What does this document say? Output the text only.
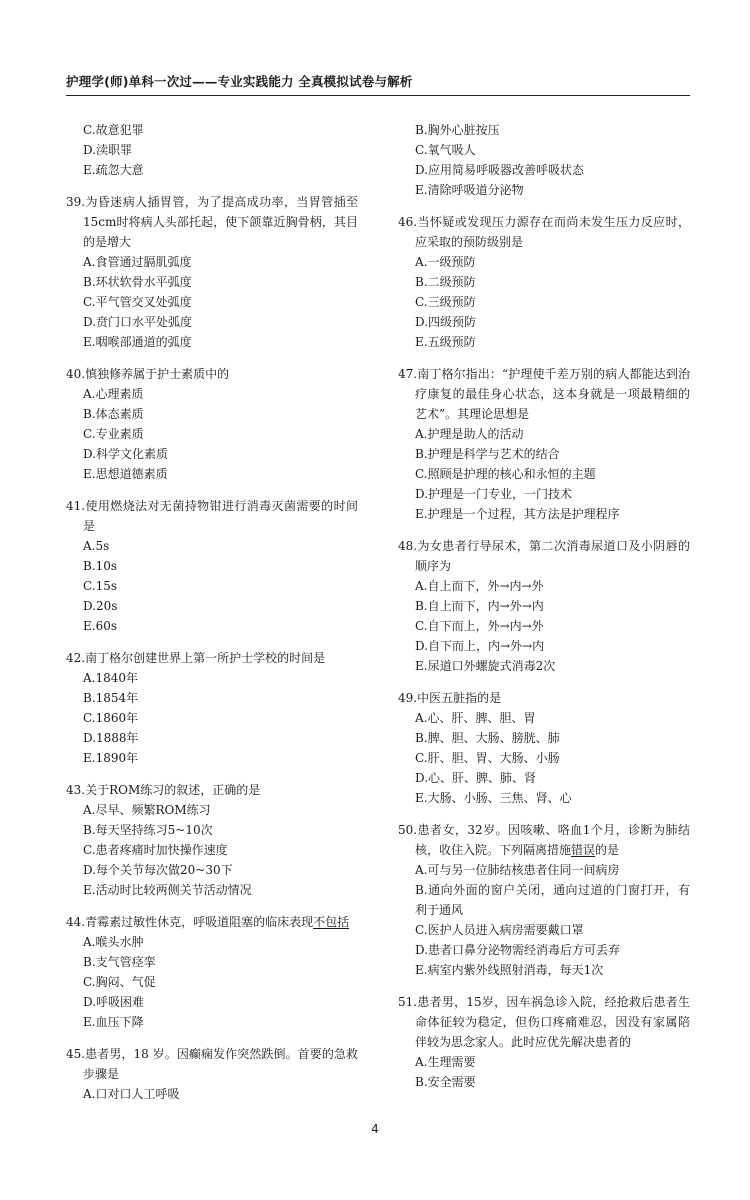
护理学(师)单科一次过——专业实践能力 全真模拟试卷与解析
C.故意犯罪
D.渎职罪
E.疏忽大意
39.为昏迷病人插胃管，为了提高成功率，当胃管插至15cm时将病人头部托起，使下颌靠近胸骨柄，其目的是增大
A.食管通过膈肌弧度
B.环状软骨水平弧度
C.平气管交叉处弧度
D.贲门口水平处弧度
E.咽喉部通道的弧度
40.慎独修养属于护士素质中的
A.心理素质
B.体态素质
C.专业素质
D.科学文化素质
E.思想道德素质
41.使用燃烧法对无菌持物钳进行消毒灭菌需要的时间是
A.5s
B.10s
C.15s
D.20s
E.60s
42.南丁格尔创建世界上第一所护士学校的时间是
A.1840年
B.1854年
C.1860年
D.1888年
E.1890年
43.关于ROM练习的叙述，正确的是
A.尽早、频繁ROM练习
B.每天坚持练习5~10次
C.患者疼痛时加快操作速度
D.每个关节每次做20~30下
E.活动时比较两侧关节活动情况
44.青霉素过敏性休克，呼吸道阻塞的临床表现不包括
A.喉头水肿
B.支气管痉挛
C.胸闷、气促
D.呼吸困难
E.血压下降
45.患者男，18 岁。因癫痫发作突然跌倒。首要的急救步骤是
A.口对口人工呼吸
B.胸外心脏按压
C.氧气吸人
D.应用简易呼吸器改善呼吸状态
E.清除呼吸道分泌物
46.当怀疑或发现压力源存在而尚未发生压力反应时，应采取的预防级别是
A.一级预防
B.二级预防
C.三级预防
D.四级预防
E.五级预防
47.南丁格尔指出：“护理使千差万别的病人都能达到治疗康复的最佳身心状态，这本身就是一项最精细的艺术”。其理论思想是
A.护理是助人的活动
B.护理是科学与艺术的结合
C.照顾是护理的核心和永恒的主题
D.护理是一门专业，一门技术
E.护理是一个过程，其方法是护理程序
48.为女患者行导尿术，第二次消毒尿道口及小阴唇的顺序为
A.自上而下，外→内→外
B.自上而下，内→外→内
C.自下而上，外→内→外
D.自下而上，内→外→内
E.尿道口外螺旋式消毒2次
49.中医五脏指的是
A.心、肝、脾、胆、胃
B.脾、胆、大肠、膀胱、肺
C.肝、胆、胃、大肠、小肠
D.心、肝、脾、肺、肾
E.大肠、小肠、三焦、肾、心
50.患者女，32岁。因咳嗽、咯血1个月，诊断为肺结核，收住入院。下列隔离措施错误的是
A.可与另一位肺结核患者住同一间病房
B.通向外面的窗户关闭，通向过道的门窗打开，有利于通风
C.医护人员进入病房需要戴口罩
D.患者口鼻分泌物需经消毒后方可丢弃
E.病室内紫外线照射消毒，每天1次
51.患者男，15岁，因车祸急诊入院，经抢救后患者生命体征较为稳定，但伤口疼痛难忍，因没有家属陪伴较为思念家人。此时应优先解决患者的
A.生理需要
B.安全需要
4
